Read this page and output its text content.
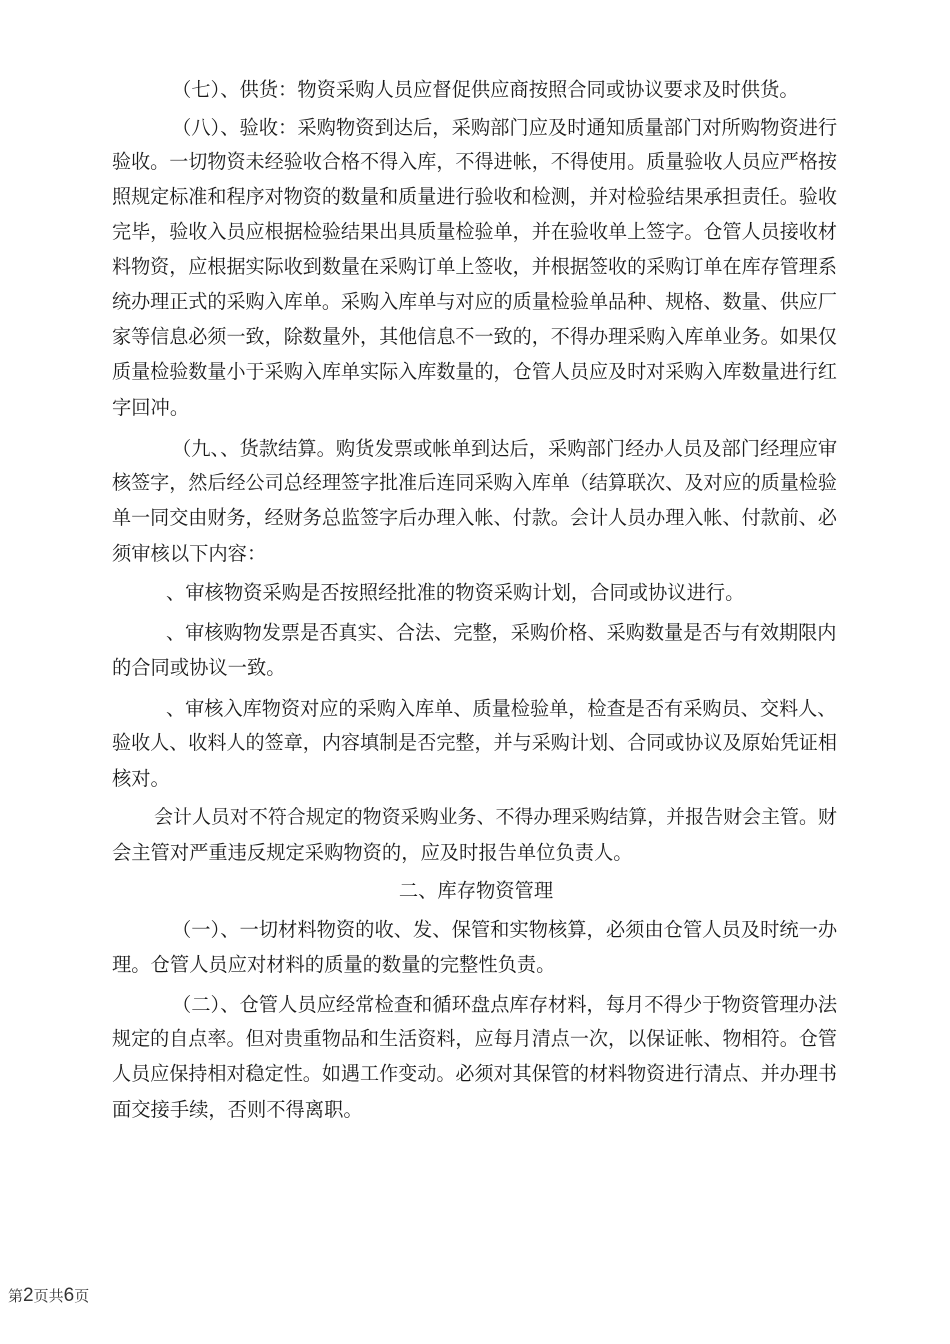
（七）、供货：物资采购人员应督促供应商按照合同或协议要求及时供货。
（八）、验收：采购物资到达后，采购部门应及时通知质量部门对所购物资进行
验收。一切物资未经验收合格不得入库，不得进帐，不得使用。质量验收人员应严格按
照规定标准和程序对物资的数量和质量进行验收和检测，并对检验结果承担责任。验收
完毕，验收入员应根据检验结果出具质量检验单，并在验收单上签字。仓管人员接收材
料物资，应根据实际收到数量在采购订单上签收，并根据签收的采购订单在库存管理系
统办理正式的采购入库单。采购入库单与对应的质量检验单品种、规格、数量、供应厂
家等信息必须一致，除数量外，其他信息不一致的，不得办理采购入库单业务。如果仅
质量检验数量小于采购入库单实际入库数量的，仓管人员应及时对采购入库数量进行红
字回冲。
（九、、货款结算。购货发票或帐单到达后，采购部门经办人员及部门经理应审
核签字，然后经公司总经理签字批准后连同采购入库单（结算联次、及对应的质量检验
单一同交由财务，经财务总监签字后办理入帐、付款。会计人员办理入帐、付款前、必
须审核以下内容：
、审核物资采购是否按照经批准的物资采购计划，合同或协议进行。
、审核购物发票是否真实、合法、完整，采购价格、采购数量是否与有效期限内
的合同或协议一致。
、审核入库物资对应的采购入库单、质量检验单，检查是否有采购员、交料人、
验收人、收料人的签章，内容填制是否完整，并与采购计划、合同或协议及原始凭证相
核对。
会计人员对不符合规定的物资采购业务、不得办理采购结算，并报告财会主管。财
会主管对严重违反规定采购物资的，应及时报告单位负责人。
二、库存物资管理
（一）、一切材料物资的收、发、保管和实物核算，必须由仓管人员及时统一办
理。仓管人员应对材料的质量的数量的完整性负责。
（二）、仓管人员应经常检查和循环盘点库存材料，每月不得少于物资管理办法
规定的自点率。但对贵重物品和生活资料，应每月清点一次，以保证帐、物相符。仓管
人员应保持相对稳定性。如遇工作变动。必须对其保管的材料物资进行清点、并办理书
面交接手续，否则不得离职。
第2页共6页
